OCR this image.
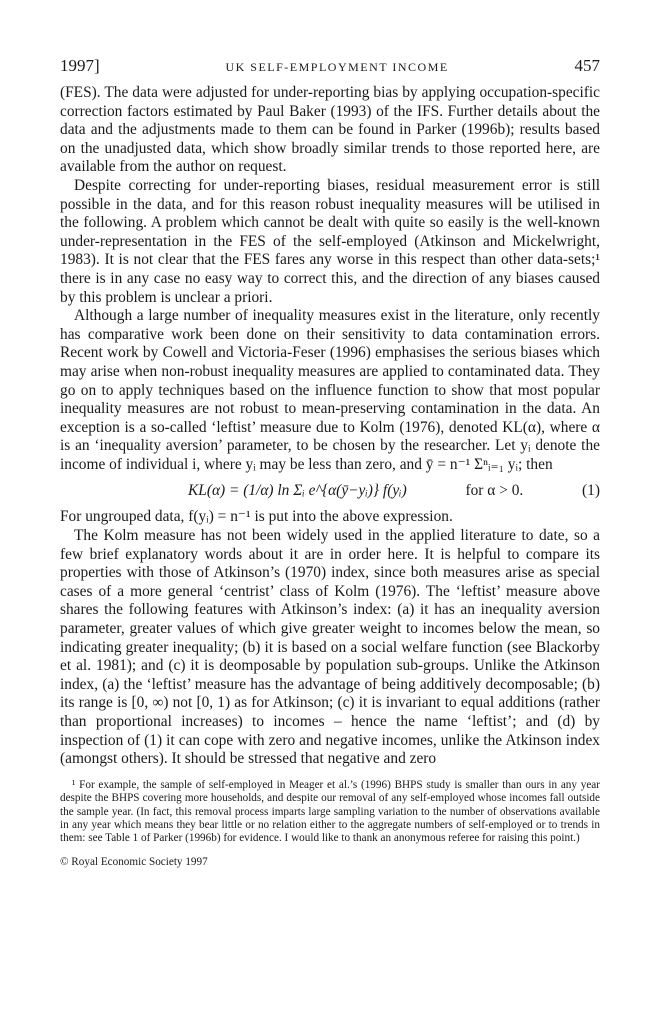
1997]	UK SELF-EMPLOYMENT INCOME	457

(FES). The data were adjusted for under-reporting bias by applying occupation-specific correction factors estimated by Paul Baker (1993) of the IFS. Further details about the data and the adjustments made to them can be found in Parker (1996b); results based on the unadjusted data, which show broadly similar trends to those reported here, are available from the author on request.

Despite correcting for under-reporting biases, residual measurement error is still possible in the data, and for this reason robust inequality measures will be utilised in the following. A problem which cannot be dealt with quite so easily is the well-known under-representation in the FES of the self-employed (Atkinson and Mickelwright, 1983). It is not clear that the FES fares any worse in this respect than other data-sets;¹ there is in any case no easy way to correct this, and the direction of any biases caused by this problem is unclear a priori.

Although a large number of inequality measures exist in the literature, only recently has comparative work been done on their sensitivity to data contamination errors. Recent work by Cowell and Victoria-Feser (1996) emphasises the serious biases which may arise when non-robust inequality measures are applied to contaminated data. They go on to apply techniques based on the influence function to show that most popular inequality measures are not robust to mean-preserving contamination in the data. An exception is a so-called ‘leftist’ measure due to Kolm (1976), denoted KL(α), where α is an ‘inequality aversion’ parameter, to be chosen by the researcher. Let yᵢ denote the income of individual i, where yᵢ may be less than zero, and ȳ = n⁻¹ Σⁿᵢ₌₁ yᵢ; then

KL(α) = (1/α) ln Σᵢ e^{α(ȳ−yᵢ)} f(yᵢ)	for α > 0.	(1)

For ungrouped data, f(yᵢ) = n⁻¹ is put into the above expression.

The Kolm measure has not been widely used in the applied literature to date, so a few brief explanatory words about it are in order here. It is helpful to compare its properties with those of Atkinson’s (1970) index, since both measures arise as special cases of a more general ‘centrist’ class of Kolm (1976). The ‘leftist’ measure above shares the following features with Atkinson’s index: (a) it has an inequality aversion parameter, greater values of which give greater weight to incomes below the mean, so indicating greater inequality; (b) it is based on a social welfare function (see Blackorby et al. 1981); and (c) it is deomposable by population sub-groups. Unlike the Atkinson index, (a) the ‘leftist’ measure has the advantage of being additively decomposable; (b) its range is [0, ∞) not [0, 1) as for Atkinson; (c) it is invariant to equal additions (rather than proportional increases) to incomes – hence the name ‘leftist’; and (d) by inspection of (1) it can cope with zero and negative incomes, unlike the Atkinson index (amongst others). It should be stressed that negative and zero

¹ For example, the sample of self-employed in Meager et al.’s (1996) BHPS study is smaller than ours in any year despite the BHPS covering more households, and despite our removal of any self-employed whose incomes fall outside the sample year. (In fact, this removal process imparts large sampling variation to the number of observations available in any year which means they bear little or no relation either to the aggregate numbers of self-employed or to trends in them: see Table 1 of Parker (1996b) for evidence. I would like to thank an anonymous referee for raising this point.)
© Royal Economic Society 1997
